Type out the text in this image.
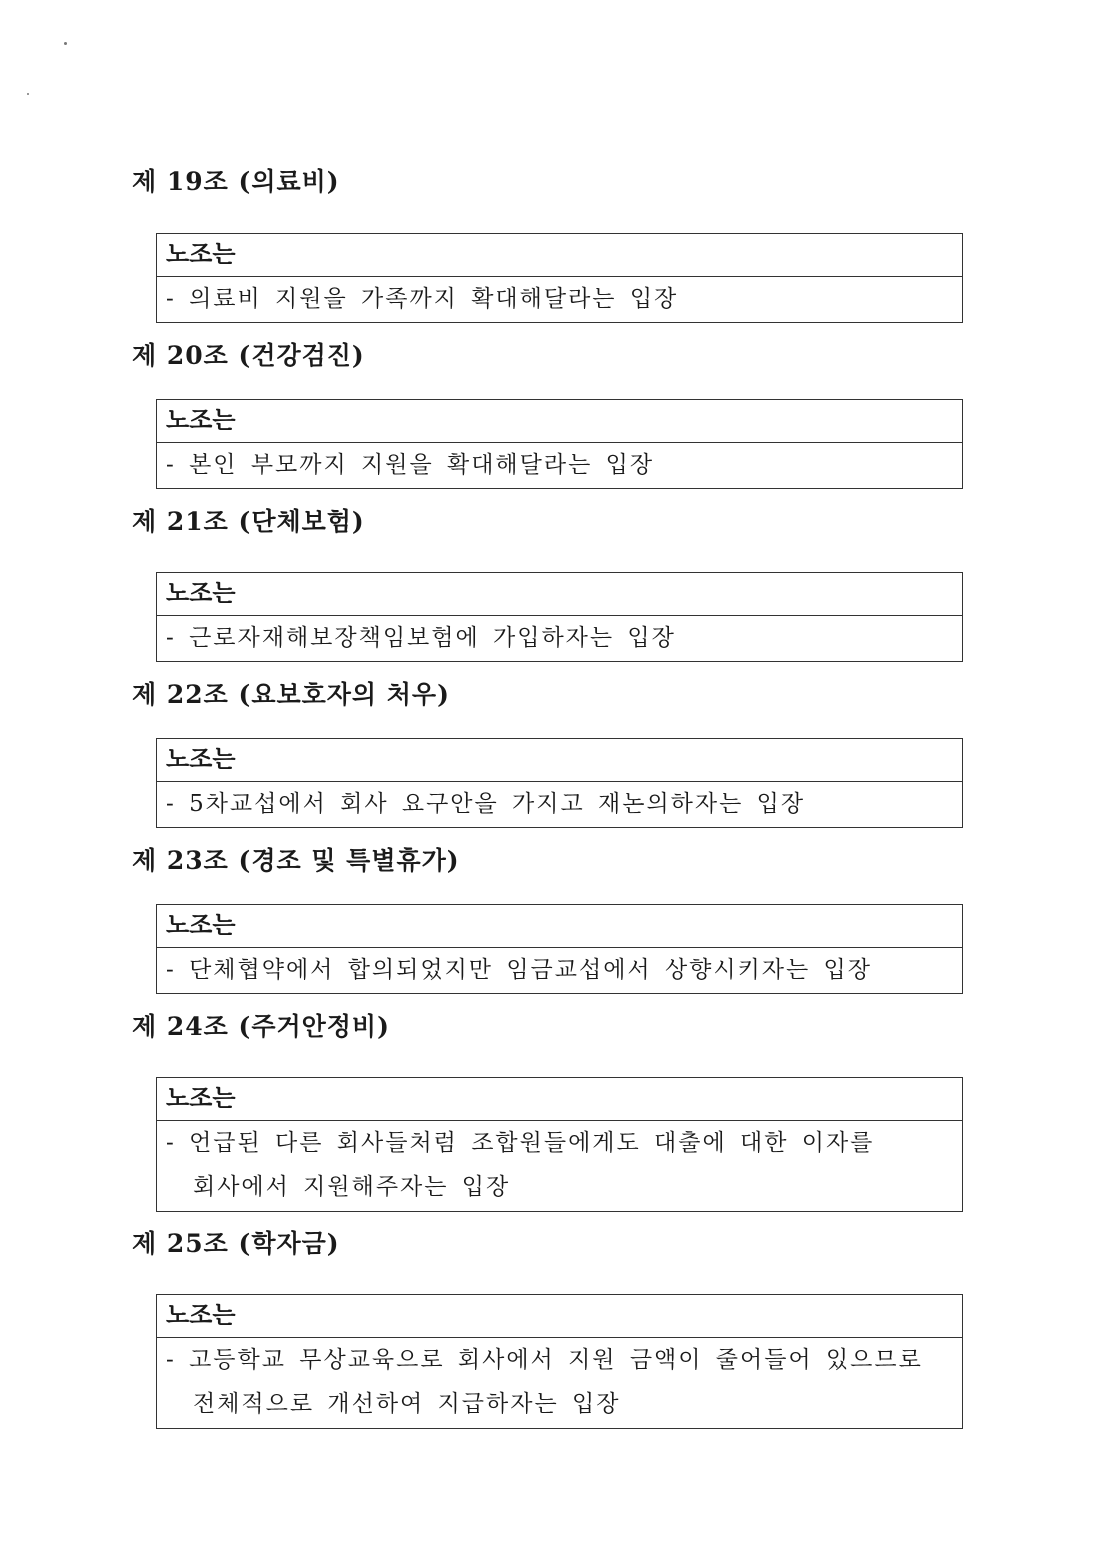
제 19조 (의료비)
노조는
- 의료비 지원을 가족까지 확대해달라는 입장
제 20조 (건강검진)
노조는
- 본인 부모까지 지원을 확대해달라는 입장
제 21조 (단체보험)
노조는
- 근로자재해보장책임보험에 가입하자는 입장
제 22조 (요보호자의 처우)
노조는
- 5차교섭에서 회사 요구안을 가지고 재논의하자는 입장
제 23조 (경조 및 특별휴가)
노조는
- 단체협약에서 합의되었지만 임금교섭에서 상향시키자는 입장
제 24조 (주거안정비)
노조는
- 언급된 다른 회사들처럼 조합원들에게도 대출에 대한 이자를
회사에서 지원해주자는 입장
제 25조 (학자금)
노조는
- 고등학교 무상교육으로 회사에서 지원 금액이 줄어들어 있으므로
전체적으로 개선하여 지급하자는 입장
